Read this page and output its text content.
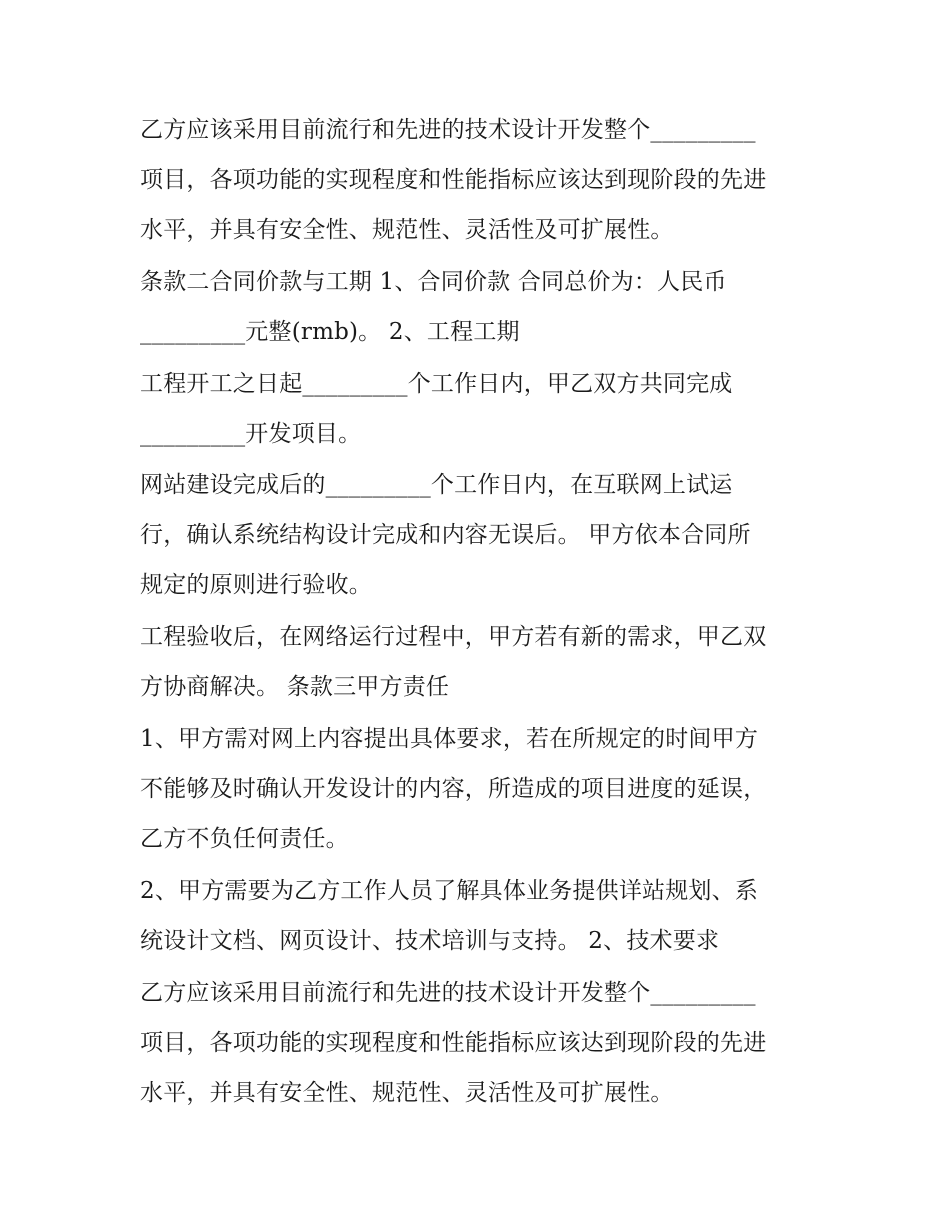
乙方应该采用目前流行和先进的技术设计开发整个_________
项目，各项功能的实现程度和性能指标应该达到现阶段的先进
水平，并具有安全性、规范性、灵活性及可扩展性。
条款二合同价款与工期 1、合同价款 合同总价为：人民币
_________元整(rmb)。 2、工程工期
工程开工之日起_________个工作日内，甲乙双方共同完成
_________开发项目。
网站建设完成后的_________个工作日内，在互联网上试运
行，确认系统结构设计完成和内容无误后。 甲方依本合同所
规定的原则进行验收。
工程验收后，在网络运行过程中，甲方若有新的需求，甲乙双
方协商解决。 条款三甲方责任
1、甲方需对网上内容提出具体要求，若在所规定的时间甲方
不能够及时确认开发设计的内容，所造成的项目进度的延误，
乙方不负任何责任。
2、甲方需要为乙方工作人员了解具体业务提供详站规划、系
统设计文档、网页设计、技术培训与支持。 2、技术要求
乙方应该采用目前流行和先进的技术设计开发整个_________
项目，各项功能的实现程度和性能指标应该达到现阶段的先进
水平，并具有安全性、规范性、灵活性及可扩展性。
